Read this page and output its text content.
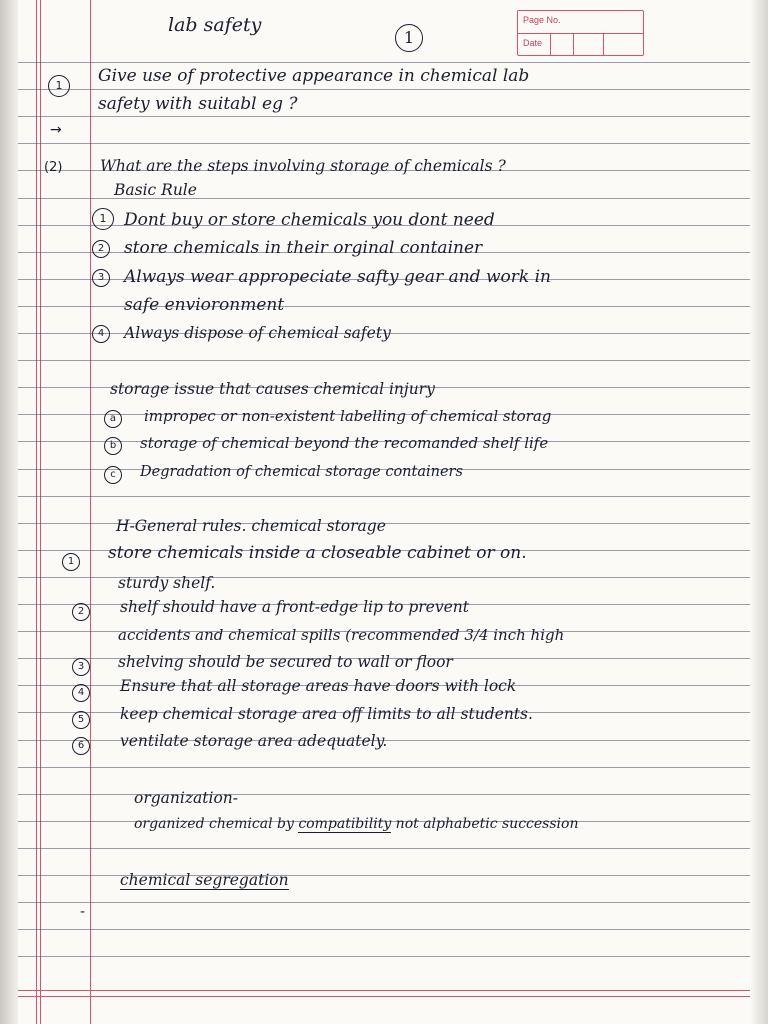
Page No.
Date
lab safety
1
1	Give use of protective appearance in chemical lab
safety with suitabl eg ?
→
(2) What are the steps involving storage of chemicals ?
Basic Rule
1	Dont buy or store chemicals you dont need
2	store chemicals in their orginal container
3	Always wear appropeciate safty gear and work in
safe envioronment
4	Always dispose of chemical safety
storage issue that causes chemical injury
a	impropec or non-existent labelling of chemical storag
b	storage of chemical beyond the recomanded shelf life
c	Degradation of chemical storage containers
H-General rules. chemical storage
1	store chemicals inside a closeable cabinet or on.
sturdy shelf.
2	shelf should have a front-edge lip to prevent
accidents and chemical spills (recommended 3/4 inch high
3	shelving should be secured to wall or floor
4	Ensure that all storage areas have doors with lock
5	keep chemical storage area off limits to all students.
6	ventilate storage area adequately.
organization-
organized chemical by compatibility not alphabetic succession
chemical segregation
-
